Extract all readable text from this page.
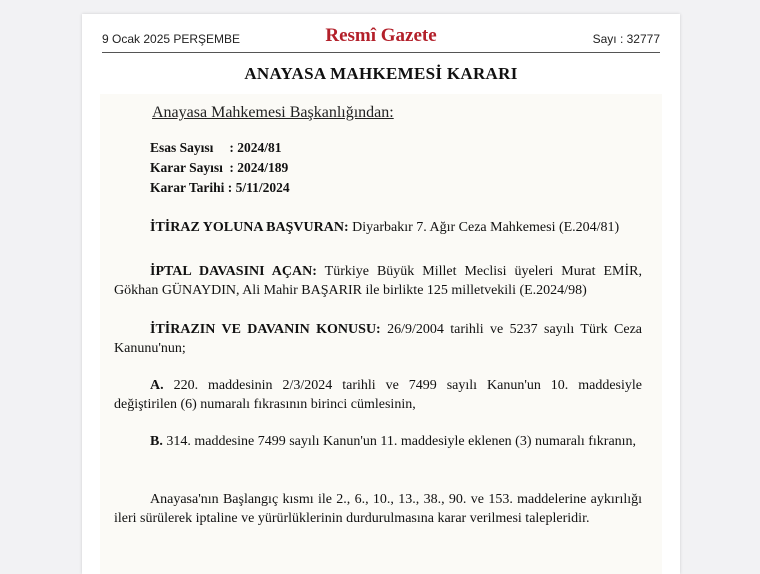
9 Ocak 2025 PERŞEMBE	Resmî Gazete	Sayı : 32777
ANAYASA MAHKEMESİ KARARI
Anayasa Mahkemesi Başkanlığından:
Esas Sayısı : 2024/81
Karar Sayısı : 2024/189
Karar Tarihi : 5/11/2024
İTİRAZ YOLUNA BAŞVURAN: Diyarbakır 7. Ağır Ceza Mahkemesi (E.204/81)
İPTAL DAVASINI AÇAN: Türkiye Büyük Millet Meclisi üyeleri Murat EMİR, Gökhan GÜNAYDIN, Ali Mahir BAŞARIR ile birlikte 125 milletvekili (E.2024/98)
İTİRAZIN VE DAVANIN KONUSU: 26/9/2004 tarihli ve 5237 sayılı Türk Ceza Kanunu'nun;
A. 220. maddesinin 2/3/2024 tarihli ve 7499 sayılı Kanun'un 10. maddesiyle değiştirilen (6) numaralı fıkrasının birinci cümlesinin,
B. 314. maddesine 7499 sayılı Kanun'un 11. maddesiyle eklenen (3) numaralı fıkranın,
Anayasa'nın Başlangıç kısmı ile 2., 6., 10., 13., 38., 90. ve 153. maddelerine aykırılığı ileri sürülerek iptaline ve yürürlüklerinin durdurulmasına karar verilmesi talepleridir.
